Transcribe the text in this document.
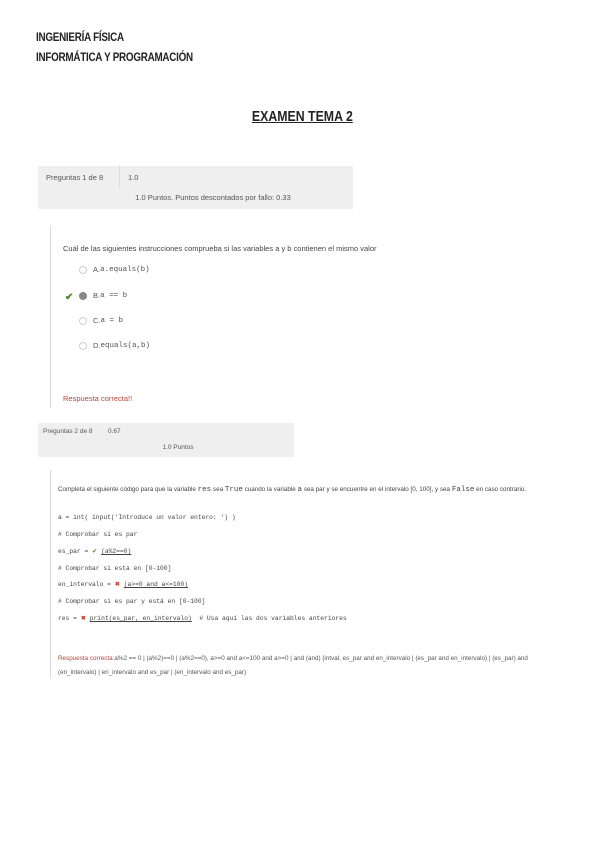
INGENIERÍA FÍSICA
INFORMÁTICA Y PROGRAMACIÓN
EXAMEN TEMA 2
Preguntas 1 de 8	1.0
1.0 Puntos. Puntos descontados por fallo: 0.33
Cuál de las siguientes instrucciones comprueba si las variables a y b contienen el mismo valor
A. a.equals(b)
✔	B. a == b
C. a = b
D. equals(a,b)
Respuesta correcta!!
Preguntas 2 de 8 0.67
1.0 Puntos
Completa el siguiente código para que la variable res sea True cuando la variable a sea par y se encuentre en el intervalo [0, 100], y sea False en caso contrario.
a = int( input('Introduce un valor entero: ') )
# Comprobar si es par
es_par = ✔ (a%2==0)
# Comprobar si esta en [0-100]
en_intervalo = ✖ (a>=0 and a<=100)
# Comprobar si es par y está en [0-100]
res = ✖ print(es_par, en_intervalo)  # Usa aquí las dos variables anteriores
Respuesta correcta:a%2 == 0 | (a%2)==0 | (a%2==0), a>=0 and a<=100 and a>=0 | and (and) (intval, es_par and en_intervalo | (es_par and en_intervalo) | (es_par) and (en_intervalo) | en_intervalo and es_par | (en_intervalo and es_par)
